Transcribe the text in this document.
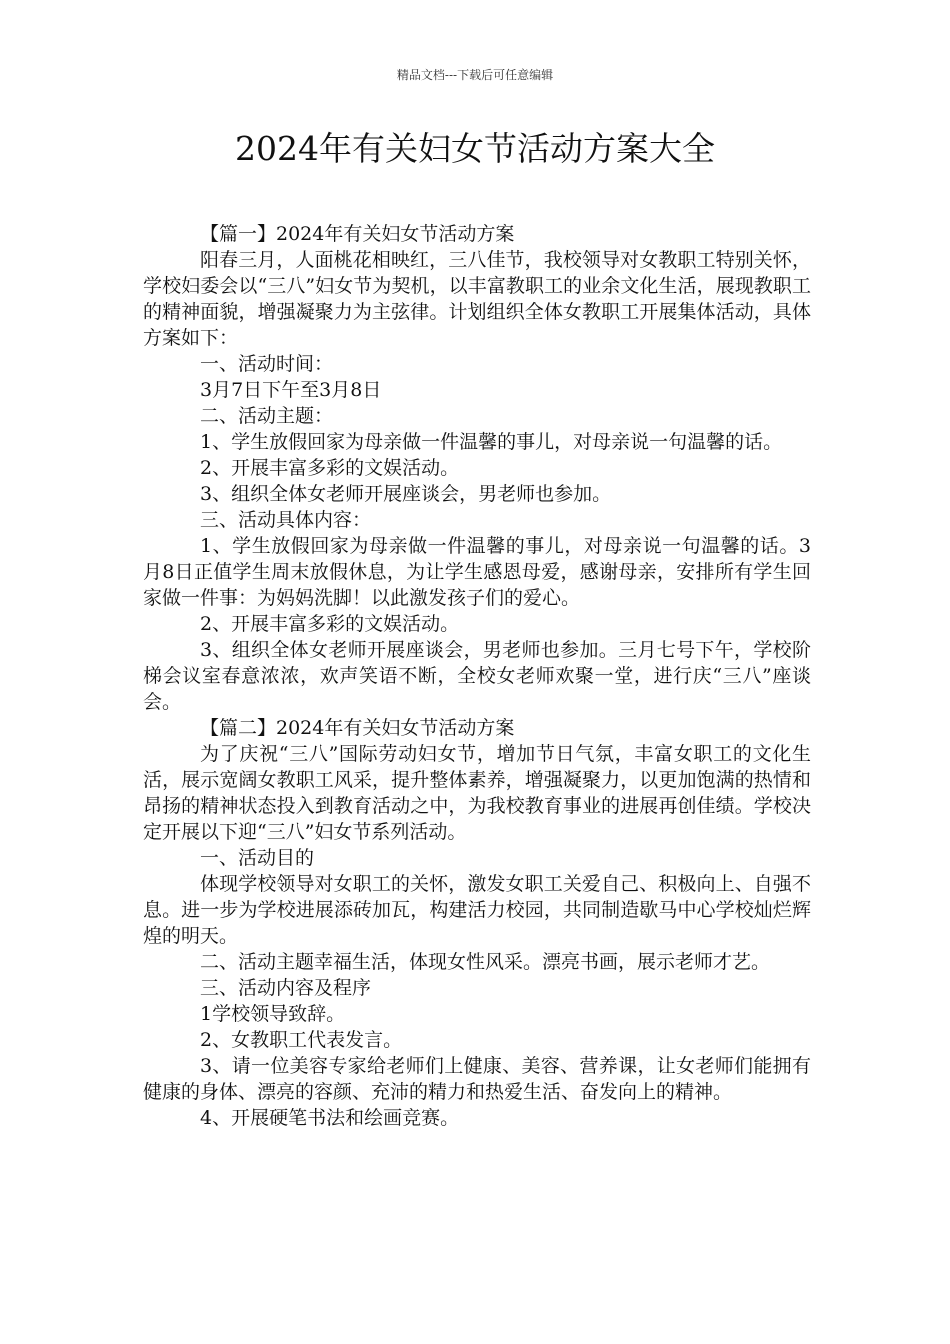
精品文档---下载后可任意编辑
2024年有关妇女节活动方案大全

【篇一】2024年有关妇女节活动方案

阳春三月，人面桃花相映红，三八佳节，我校领导对女教职工特别关怀，学校妇委会以“三八”妇女节为契机，以丰富教职工的业余文化生活，展现教职工的精神面貌，增强凝聚力为主弦律。计划组织全体女教职工开展集体活动，具体方案如下：

一、活动时间：

3月7日下午至3月8日

二、活动主题：

1、学生放假回家为母亲做一件温馨的事儿，对母亲说一句温馨的话。

2、开展丰富多彩的文娱活动。

3、组织全体女老师开展座谈会，男老师也参加。

三、活动具体内容：

1、学生放假回家为母亲做一件温馨的事儿，对母亲说一句温馨的话。3月8日正值学生周末放假休息，为让学生感恩母爱，感谢母亲，安排所有学生回家做一件事：为妈妈洗脚！以此激发孩子们的爱心。

2、开展丰富多彩的文娱活动。

3、组织全体女老师开展座谈会，男老师也参加。三月七号下午，学校阶梯会议室春意浓浓，欢声笑语不断，全校女老师欢聚一堂，进行庆“三八”座谈会。

【篇二】2024年有关妇女节活动方案

为了庆祝“三八”国际劳动妇女节，增加节日气氛，丰富女职工的文化生活，展示宽阔女教职工风采，提升整体素养，增强凝聚力，以更加饱满的热情和昂扬的精神状态投入到教育活动之中，为我校教育事业的进展再创佳绩。学校决定开展以下迎“三八”妇女节系列活动。

一、活动目的

体现学校领导对女职工的关怀，激发女职工关爱自己、积极向上、自强不息。进一步为学校进展添砖加瓦，构建活力校园，共同制造歇马中心学校灿烂辉煌的明天。

二、活动主题幸福生活，体现女性风采。漂亮书画，展示老师才艺。

三、活动内容及程序

1学校领导致辞。

2、女教职工代表发言。

3、请一位美容专家给老师们上健康、美容、营养课，让女老师们能拥有健康的身体、漂亮的容颜、充沛的精力和热爱生活、奋发向上的精神。

4、开展硬笔书法和绘画竞赛。
